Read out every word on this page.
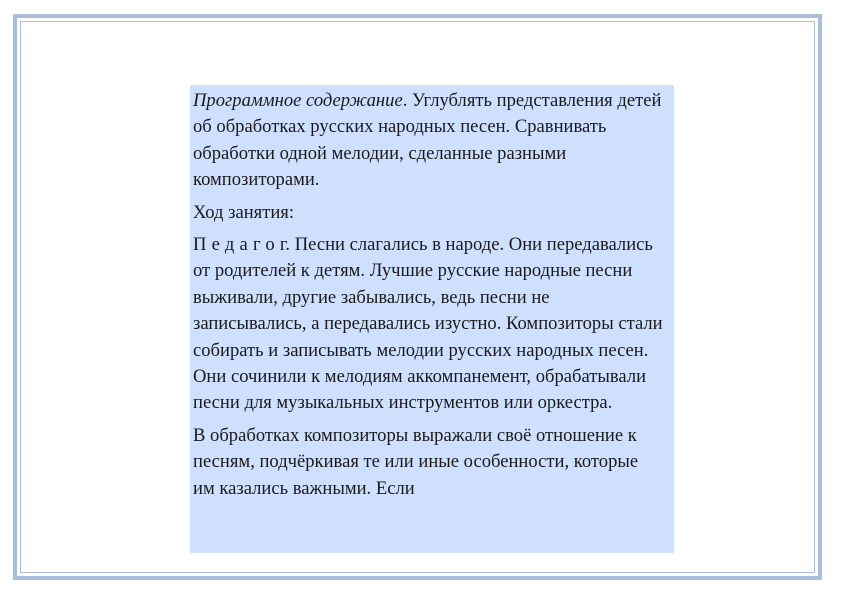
Программное содержание. Углублять представления детей об обработках русских народных песен. Сравнивать обработки одной мелодии, сделанные разными композиторами.

Ход занятия:

Педагог. Песни слагались в народе. Они передавались от родителей к детям. Лучшие русские народные песни выживали, другие забывались, ведь песни не записывались, а передавались изустно. Композиторы стали собирать и записывать мелодии русских народных песен. Они сочинили к мелодиям аккомпанемент, обрабатывали песни для музыкальных инструментов или оркестра.

В обработках композиторы выражали своё отношение к песням, подчёркивая те или иные особенности, которые им казались важными. Если
